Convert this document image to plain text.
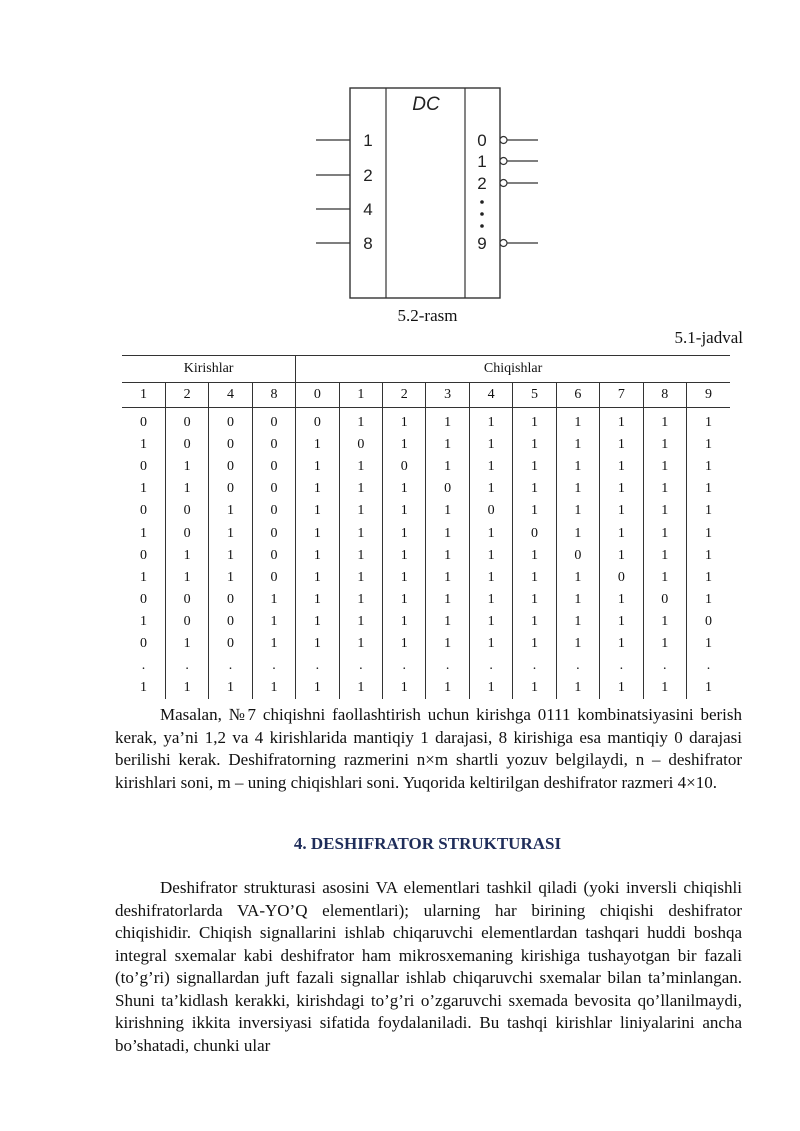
DC
1
2
4
8
0
1
2
9
5.2-rasm
5.1-jadval
Kirishlar				Chiqishlar									
1	2	4	8	0	1	2	3	4	5	6	7	8	9
0	0	0	0	0	1	1	1	1	1	1	1	1	1
1	0	0	0	1	0	1	1	1	1	1	1	1	1
0	1	0	0	1	1	0	1	1	1	1	1	1	1
1	1	0	0	1	1	1	0	1	1	1	1	1	1
0	0	1	0	1	1	1	1	0	1	1	1	1	1
1	0	1	0	1	1	1	1	1	0	1	1	1	1
0	1	1	0	1	1	1	1	1	1	0	1	1	1
1	1	1	0	1	1	1	1	1	1	1	0	1	1
0	0	0	1	1	1	1	1	1	1	1	1	0	1
1	0	0	1	1	1	1	1	1	1	1	1	1	0
0	1	0	1	1	1	1	1	1	1	1	1	1	1
.	.	.	.	.	.	.	.	.	.	.	.	.	.
1	1	1	1	1	1	1	1	1	1	1	1	1	1

Masalan, №7 chiqishni faollashtirish uchun kirishga 0111 kombinatsiyasini berish kerak, ya’ni 1,2 va 4 kirishlarida mantiqiy 1 darajasi, 8 kirishiga esa mantiqiy 0 darajasi berilishi kerak. Deshifratorning razmerini n×m shartli yozuv belgilaydi, n – deshifrator kirishlari soni, m – uning chiqishlari soni. Yuqorida keltirilgan deshifrator razmeri 4×10.

4. DESHIFRATOR STRUKTURASI

Deshifrator strukturasi asosini VA elementlari tashkil qiladi (yoki inversli chiqishli deshifratorlarda VA-YO’Q elementlari); ularning har birining chiqishi deshifrator chiqishidir. Chiqish signallarini ishlab chiqaruvchi elementlardan tashqari huddi boshqa integral sxemalar kabi deshifrator ham mikrosxemaning kirishiga tushayotgan bir fazali (to’g’ri) signallardan juft fazali signallar ishlab chiqaruvchi sxemalar bilan ta’minlangan. Shuni ta’kidlash kerakki, kirishdagi to’g’ri o’zgaruvchi sxemada bevosita qo’llanilmaydi, kirishning ikkita inversiyasi sifatida foydalaniladi. Bu tashqi kirishlar liniyalarini ancha bo’shatadi, chunki ular
